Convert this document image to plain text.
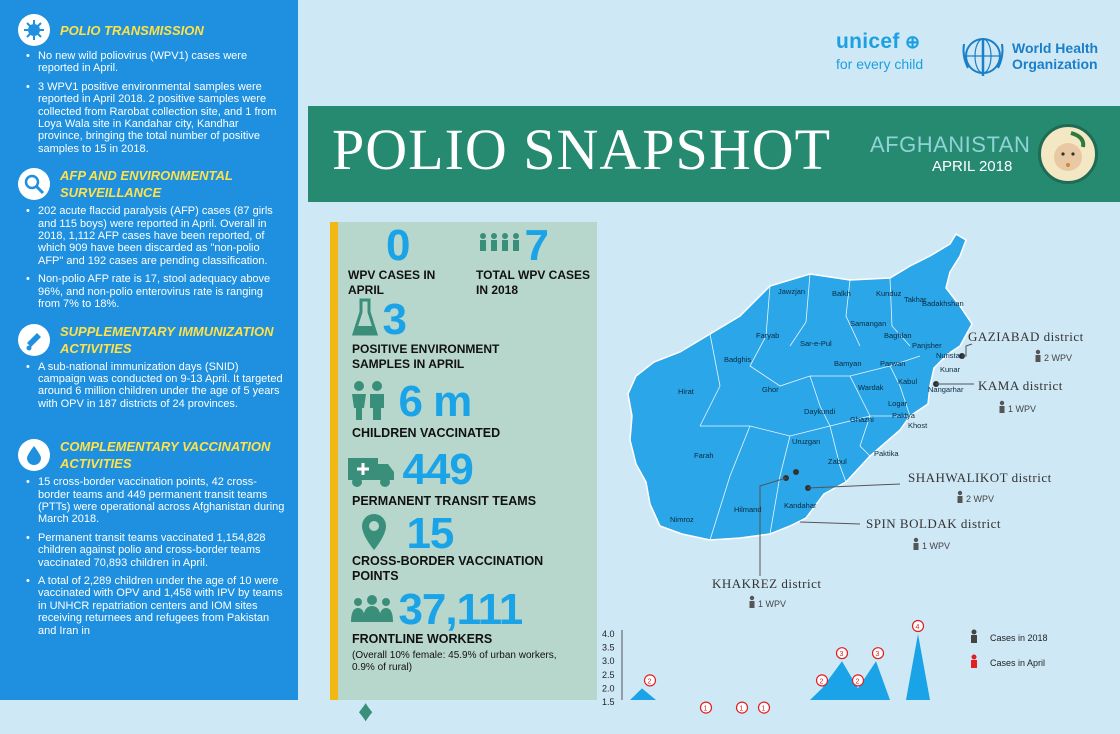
POLIO TRANSMISSION
• No new wild poliovirus (WPV1) cases were reported in April.
• 3 WPV1 positive environmental samples were reported in April 2018. 2 positive samples were collected from Rarobat collection site, and 1 from Loya Wala site in Kandahar city, Kandhar province, bringing the total number of positive samples to 15 in 2018.
AFP AND ENVIRONMENTAL SURVEILLANCE
• 202 acute flaccid paralysis (AFP) cases (87 girls and 115 boys) were reported in April. Overall in 2018, 1,112 AFP cases have been reported, of which 909 have been discarded as "non-polio AFP" and 192 cases are pending classification.
• Non-polio AFP rate is 17, stool adequacy above 96%, and non-polio enterovirus rate is ranging from 7% to 18%.
SUPPLEMENTARY IMMUNIZATION ACTIVITIES
• A sub-national immunization days (SNID) campaign was conducted on 9-13 April. It targeted around 6 million children under the age of 5 years with OPV in 187 districts of 24 provinces.
COMPLEMENTARY VACCINATION ACTIVITIES
• 15 cross-border vaccination points, 42 cross-border teams and 449 permanent transit teams (PTTs) were operational across Afghanistan during March 2018.
• Permanent transit teams vaccinated 1,154,828 children against polio and cross-border teams vaccinated 70,893 children in April.
• A total of 2,289 children under the age of 10 were vaccinated with OPV and 1,458 with IPV by teams in UNHCR repatriation centers and IOM sites receiving returnees and refugees from Pakistan and Iran in
unicef ⊕
for every child
World Health
Organization
POLIO SNAPSHOT AFGHANISTAN
APRIL 2018
0
WPV CASES IN APRIL
7
TOTAL WPV CASES IN 2018
3
POSITIVE ENVIRONMENT SAMPLES IN APRIL
6 m
CHILDREN VACCINATED
449
PERMANENT TRANSIT TEAMS
15
CROSS-BORDER VACCINATION POINTS
37,111
FRONTLINE WORKERS
(Overall 10% female: 45.9% of urban workers, 0.9% of rural)
♦
Jawzjan	Balkh	Kunduz
Takhar
Badakhshan
Samangan
Faryab
Sar-e-Pul
Baghlan
Panjsher
Nuristan
Badghis	Bamyan Parwan
Kunar
Kabul
Nangarhar
Wardak
Hirat	Ghor
Logar
Daykundi	Paktya
Khost
Ghazni
Uruzgan
Farah	Paktika
Zabul
Kandahar
Hilmand
Nimroz
GAZIABAD district
2 WPV
KAMA district
1 WPV
SHAHWALIKOT district
2 WPV
SPIN BOLDAK district
1 WPV
KHAKREZ district
1 WPV
4.0
3.5
3.0
2.5
2.0
1.5
2
1	1	1
2
3
2
3
4
Cases in 2018
Cases in April
